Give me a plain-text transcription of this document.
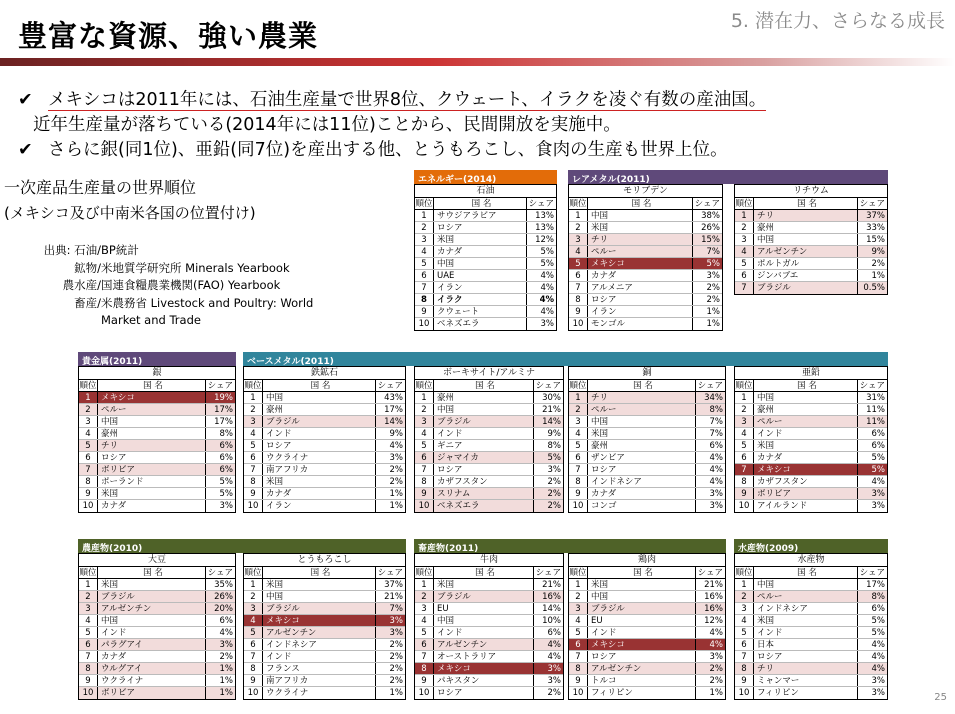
豊富な資源、強い農業	5. 潜在力、さらなる成長
✔ メキシコは2011年には、石油生産量で世界8位、クウェート、イラクを凌ぐ有数の産油国。
近年生産量が落ちている(2014年には11位)ことから、民間開放を実施中。
✔ さらに銀(同1位)、亜鉛(同7位)を産出する他、とうもろこし、食肉の生産も世界上位。
一次産品生産量の世界順位
(メキシコ及び中南米各国の位置付け)
出典: 石油/ BP統計
鉱物/ 米地質学研究所 Minerals Yearbook
農水産/ 国連食糧農業機関(FAO) Yearbook
畜産/ 米農務省 Livestock and Poultry: World
Market and Trade
エネルギー(2014)	レアメタル(2011)
石油
順位	国 名	シェア
1	サウジアラビア	13%
2	ロシア	13%
3	米国	12%
4	カナダ	5%
5	中国	5%
6	UAE	4%
7	イラン	4%
8	イラク	4%
9	クウェート	4%
10 ベネズエラ	3%
モリブデン
順位	国 名	シェア
1	中国	38%
2	米国	26%
3	チリ	15%
4	ペルー	7%
5	メキシコ	5%
6	カナダ	3%
7	アルメニア	2%
8	ロシア	2%
9	イラン	1%
10 モンゴル	1%
リチウム
順位	国 名	シェア
1	チリ	37%
2	豪州	33%
3	中国	15%
4	アルゼンチン	9%
5	ポルトガル	2%
6	ジンバブエ	1%
7	ブラジル	0.5%
貴金属(2011)	ベースメタル(2011)
銀
順位	国 名	シェア
1	メキシコ	19%
2	ペルー	17%
3	中国	17%
4	豪州	8%
5	チリ	6%
6	ロシア	6%
7	ボリビア	6%
8	ポーランド	5%
9	米国	5%
10 カナダ	3%
鉄鉱石
順位	国 名	シェア
1	中国	43%
2	豪州	17%
3	ブラジル	14%
4	インド	9%
5	ロシア	4%
6	ウクライナ	3%
7	南アフリカ	2%
8	米国	2%
9	カナダ	1%
10 イラン	1%
ボーキサイト/アルミナ
順位	国 名	シェア
1	豪州	30%
2	中国	21%
3	ブラジル	14%
4	インド	9%
5	ギニア	8%
6	ジャマイカ	5%
7	ロシア	3%
8	カザフスタン	2%
9	スリナム	2%
10 ベネズエラ	2%
銅
順位	国 名	シェア
1	チリ	34%
2	ペルー	8%
3	中国	7%
4	米国	7%
5	豪州	6%
6	ザンビア	4%
7	ロシア	4%
8	インドネシア	4%
9	カナダ	3%
10 コンゴ	3%
亜鉛
順位	国 名	シェア
1	中国	31%
2	豪州	11%
3	ペルー	11%
4	インド	6%
5	米国	6%
6	カナダ	5%
7	メキシコ	5%
8	カザフスタン	4%
9	ボリビア	3%
10 アイルランド	3%
農産物(2010)	畜産物(2011)	水産物(2009)
大豆
順位	国 名	シェア
1	米国	35%
2	ブラジル	26%
3	アルゼンチン	20%
4	中国	6%
5	インド	4%
6	パラグアイ	3%
7	カナダ	2%
8	ウルグアイ	1%
9	ウクライナ	1%
10 ボリビア	1%
とうもろこし
順位	国 名	シェア
1	米国	37%
2	中国	21%
3	ブラジル	7%
4	メキシコ	3%
5	アルゼンチン	3%
6	インドネシア	2%
7	インド	2%
8	フランス	2%
9	南アフリカ	2%
10 ウクライナ	1%
牛肉
順位	国 名	シェア
1	米国	21%
2	ブラジル	16%
3	EU	14%
4	中国	10%
5	インド	6%
6	アルゼンチン	4%
7	オーストラリア	4%
8	メキシコ	3%
9	パキスタン	3%
10 ロシア	2%
鶏肉
順位	国 名	シェア
1	米国	21%
2	中国	16%
3	ブラジル	16%
4	EU	12%
5	インド	4%
6	メキシコ	4%
7	ロシア	3%
8	アルゼンチン	2%
9	トルコ	2%
10 フィリピン	1%
水産物
順位	国 名	シェア
1	中国	17%
2	ペルー	8%
3	インドネシア	6%
4	米国	5%
5	インド	5%
6	日本	4%
7	ロシア	4%
8	チリ	4%
9	ミャンマー	3%
10 フィリピン	3%	25
